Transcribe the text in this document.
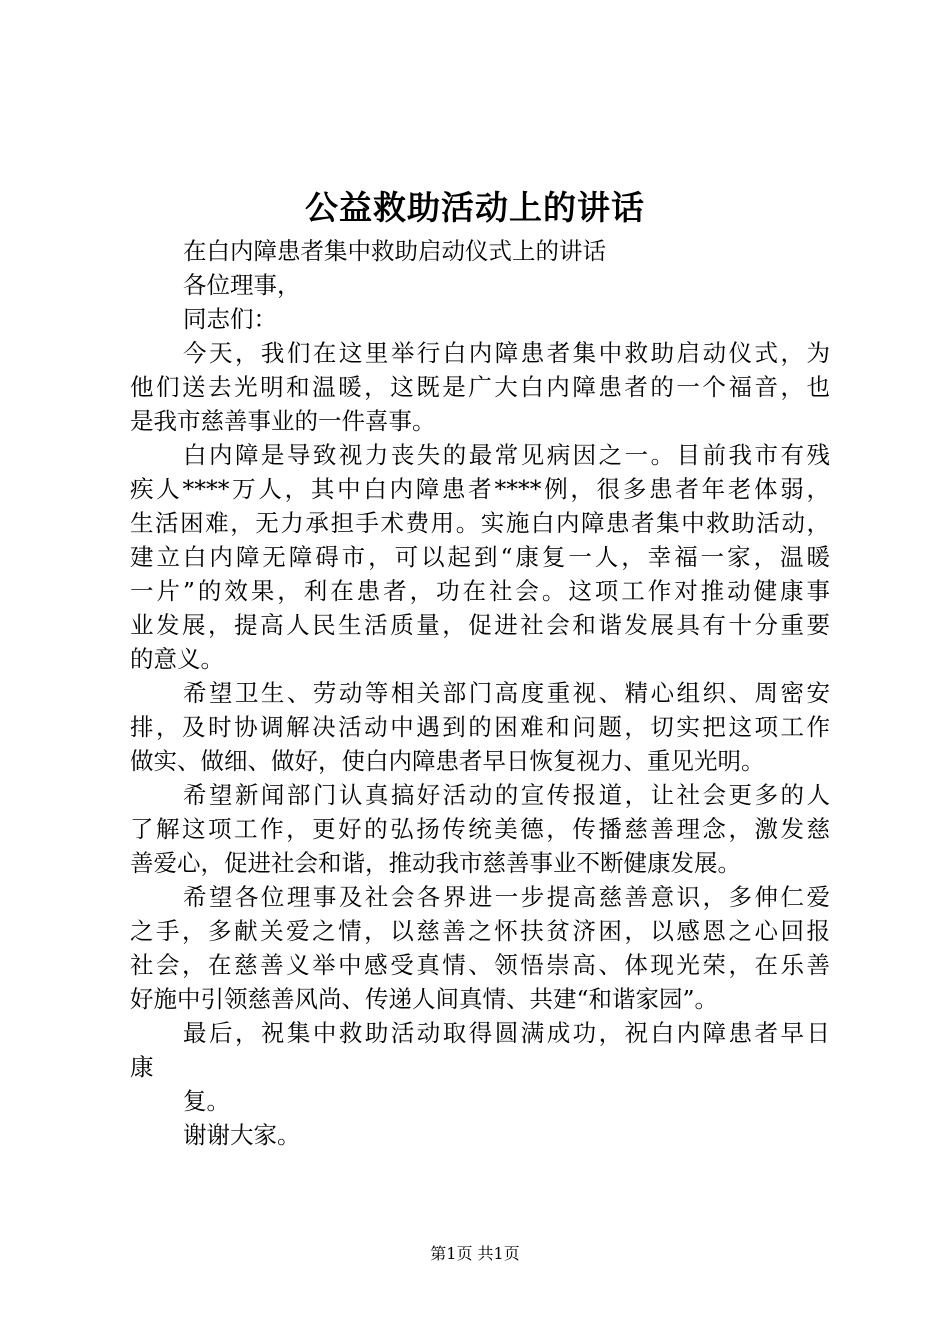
公益救助活动上的讲话
在白内障患者集中救助启动仪式上的讲话
各位理事，
同志们：
今天，我们在这里举行白内障患者集中救助启动仪式，为
他们送去光明和温暖，这既是广大白内障患者的一个福音，也
是我市慈善事业的一件喜事。
白内障是导致视力丧失的最常见病因之一。目前我市有残
疾人****万人，其中白内障患者****例，很多患者年老体弱，
生活困难，无力承担手术费用。实施白内障患者集中救助活动，
建立白内障无障碍市，可以起到“康复一人，幸福一家，温暖
一片”的效果，利在患者，功在社会。这项工作对推动健康事
业发展，提高人民生活质量，促进社会和谐发展具有十分重要
的意义。
希望卫生、劳动等相关部门高度重视、精心组织、周密安
排，及时协调解决活动中遇到的困难和问题，切实把这项工作
做实、做细、做好，使白内障患者早日恢复视力、重见光明。
希望新闻部门认真搞好活动的宣传报道，让社会更多的人
了解这项工作，更好的弘扬传统美德，传播慈善理念，激发慈
善爱心，促进社会和谐，推动我市慈善事业不断健康发展。
希望各位理事及社会各界进一步提高慈善意识，多伸仁爱
之手，多献关爱之情，以慈善之怀扶贫济困，以感恩之心回报
社会，在慈善义举中感受真情、领悟崇高、体现光荣，在乐善
好施中引领慈善风尚、传递人间真情、共建“和谐家园”。
最后，祝集中救助活动取得圆满成功，祝白内障患者早日
康
复。
谢谢大家。
第1页 共1页
